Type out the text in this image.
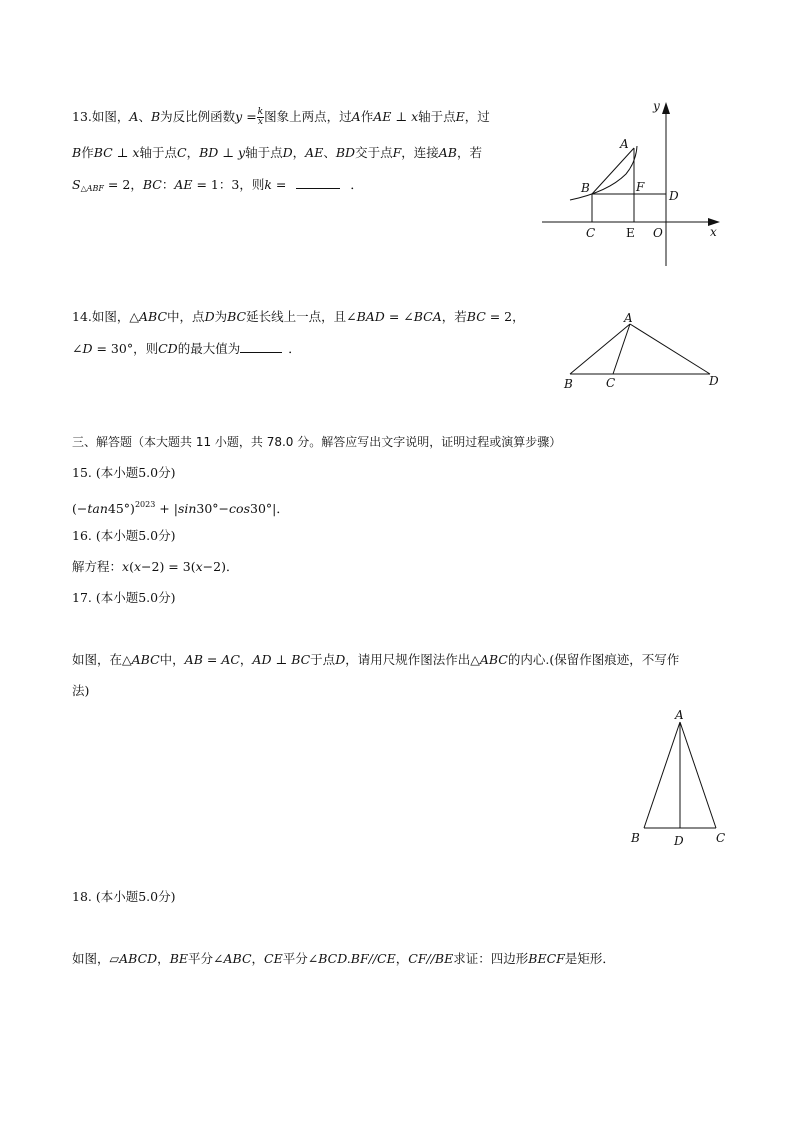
13.如图，A、B为反比例函数$y = \frac{k}{x}$ 图象上两点，过A作AE ⊥ x轴于点E，过
B作BC ⊥ x轴于点C，BD ⊥ y轴于点D，AE、BD交于点F，连接AB，若
$S_{\triangle ABF} = 2$，BC：AE = 1：3，则k =	．
y
x
A
B	F
D
C	E O
14.如图，△ABC中，点D为BC延长线上一点，且∠BAD = ∠BCA，若BC = 2，
∠D = 30°，则CD的最大值为	．
A
B	C	D
三、解答题（本大题共 11 小题，共 78.0 分。解答应写出文字说明，证明过程或演算步骤）
15. (本小题5.0分)
$(-\tan 45^\circ)^{2023} + |\sin 30^\circ-\cos 30^\circ|$．
16. (本小题5.0分)
解方程：x(x−2) = 3(x−2)．
17. (本小题5.0分)
如图，在△ABC中，AB = AC，AD ⊥ BC于点D，请用尺规作图法作出△ABC的内心.(保留作图痕迹，不写作
法)
A
B	D	C
18. (本小题5.0分)
如图，▱ABCD，BE平分∠ABC，CE平分∠BCD.BF//CE，CF//BE求证：四边形BECF是矩形．
